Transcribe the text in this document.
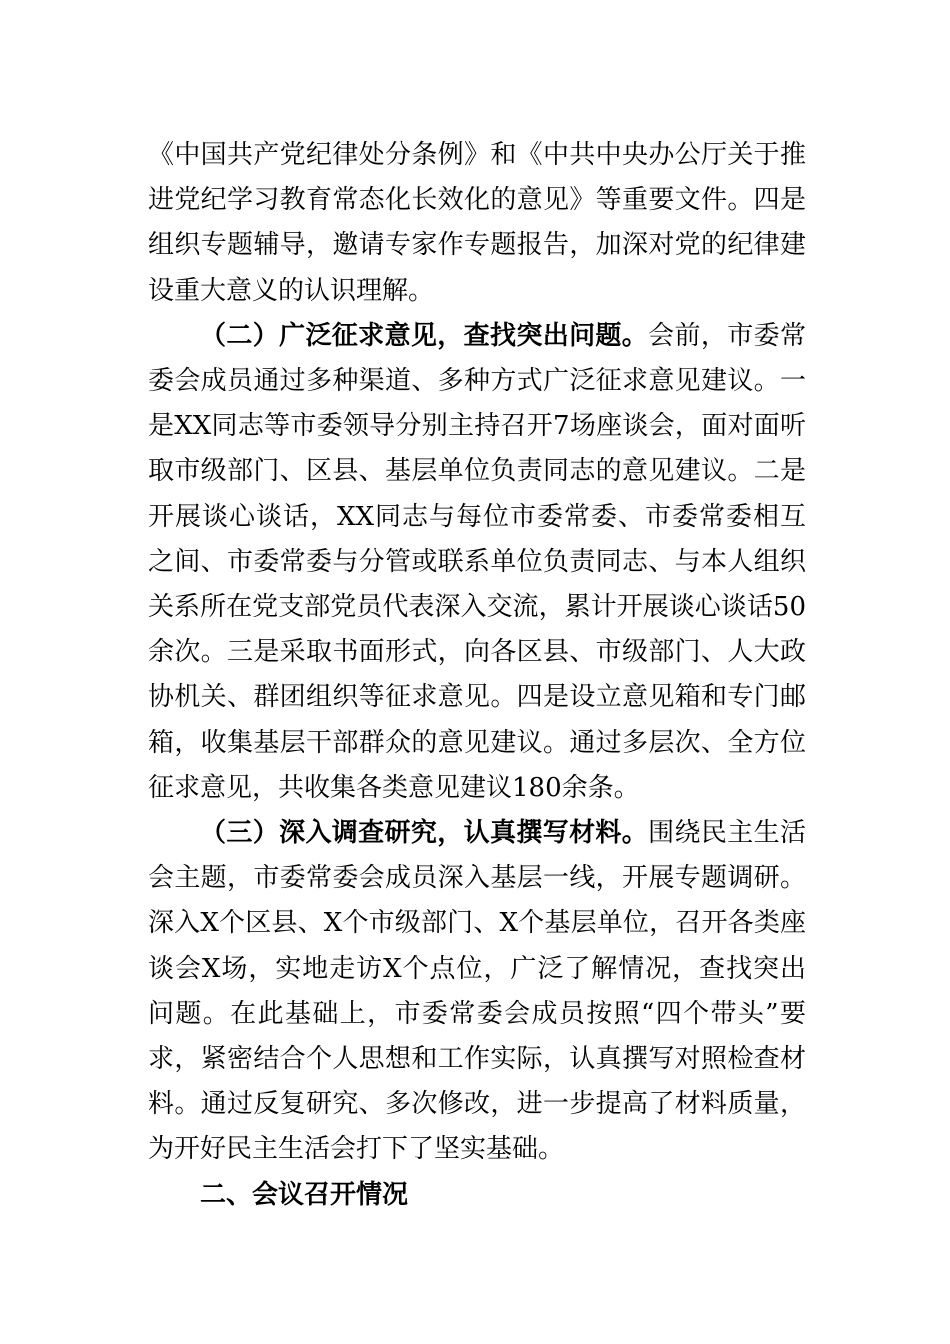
《中国共产党纪律处分条例》和《中共中央办公厅关于推进党纪学习教育常态化长效化的意见》等重要文件。四是组织专题辅导，邀请专家作专题报告，加深对党的纪律建设重大意义的认识理解。

（二）广泛征求意见，查找突出问题。会前，市委常委会成员通过多种渠道、多种方式广泛征求意见建议。一是XX同志等市委领导分别主持召开7场座谈会，面对面听取市级部门、区县、基层单位负责同志的意见建议。二是开展谈心谈话，XX同志与每位市委常委、市委常委相互之间、市委常委与分管或联系单位负责同志、与本人组织关系所在党支部党员代表深入交流，累计开展谈心谈话50余次。三是采取书面形式，向各区县、市级部门、人大政协机关、群团组织等征求意见。四是设立意见箱和专门邮箱，收集基层干部群众的意见建议。通过多层次、全方位征求意见，共收集各类意见建议180余条。

（三）深入调查研究，认真撰写材料。围绕民主生活会主题，市委常委会成员深入基层一线，开展专题调研。深入X个区县、X个市级部门、X个基层单位，召开各类座谈会X场，实地走访X个点位，广泛了解情况，查找突出问题。在此基础上，市委常委会成员按照“四个带头”要求，紧密结合个人思想和工作实际，认真撰写对照检查材料。通过反复研究、多次修改，进一步提高了材料质量，为开好民主生活会打下了坚实基础。

二、会议召开情况
